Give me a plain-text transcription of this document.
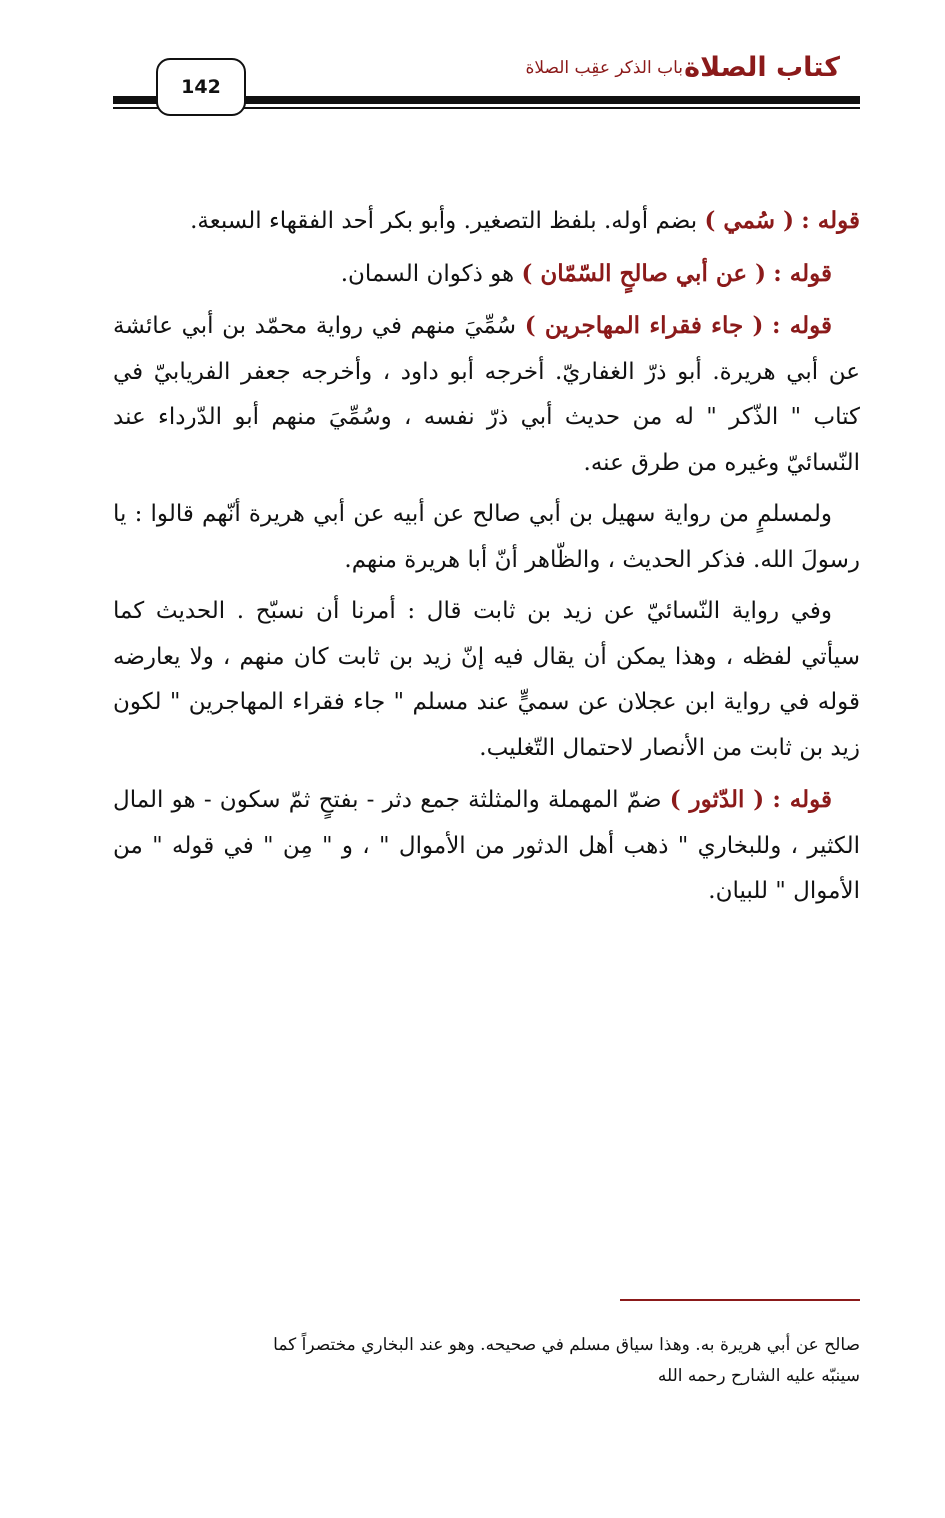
كتاب الصلاة
باب الذكر عقِب الصلاة
142

قوله : ( سُمي ) بضم أوله. بلفظ التصغير. وأبو بكر أحد الفقهاء السبعة.

قوله : ( عن أبي صالحٍ السّمّان ) هو ذكوان السمان.

قوله : ( جاء فقراء المهاجرين ) سُمِّيَ منهم في رواية محمّد بن أبي عائشة عن أبي هريرة. أبو ذرّ الغفاريّ. أخرجه أبو داود ، وأخرجه جعفر الفريابيّ في كتاب " الذّكر " له من حديث أبي ذرّ نفسه ، وسُمِّيَ منهم أبو الدّرداء عند النّسائيّ وغيره من طرق عنه.

ولمسلمٍ من رواية سهيل بن أبي صالح عن أبيه عن أبي هريرة أنّهم قالوا : يا رسولَ الله. فذكر الحديث ، والظّاهر أنّ أبا هريرة منهم.

وفي رواية النّسائيّ عن زيد بن ثابت قال : أمرنا أن نسبّح . الحديث كما سيأتي لفظه ، وهذا يمكن أن يقال فيه إنّ زيد بن ثابت كان منهم ، ولا يعارضه قوله في رواية ابن عجلان عن سميٍّ عند مسلم " جاء فقراء المهاجرين " لكون زيد بن ثابت من الأنصار لاحتمال التّغليب.

قوله : ( الدّثور ) ضمّ المهملة والمثلثة جمع دثر - بفتحٍ ثمّ سكون - هو المال الكثير ، وللبخاري " ذهب أهل الدثور من الأموال " ، و " مِن " في قوله " من الأموال " للبيان.

صالح عن أبي هريرة به. وهذا سياق مسلم في صحيحه. وهو عند البخاري مختصراً كما

سينبّه عليه الشارح رحمه الله
